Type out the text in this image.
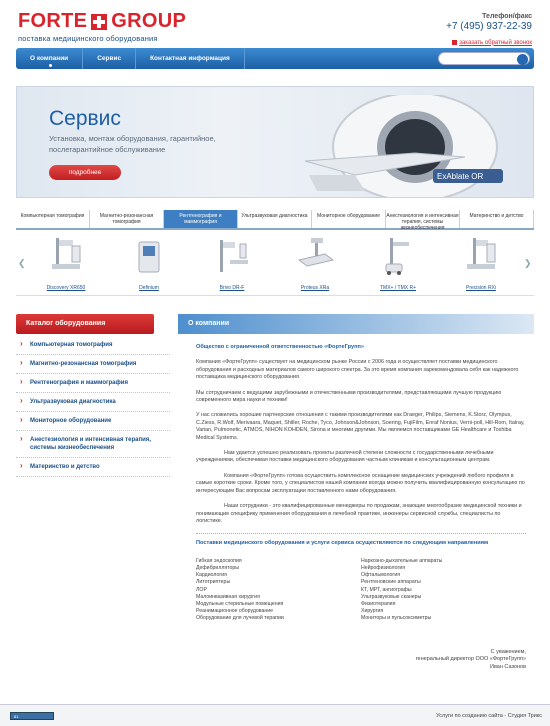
FORTE GROUP
поставка медицинского оборудования
Телефон/факс
+7 (495) 937-22-39
заказать обратный звонок
О компании	Сервис	Контактная информация
Сервис
Установка, монтаж оборудования, гарантийное, послегарантийное обслуживание
подробнее	ExAblate OR
Компьютерная томография	Магнитно-резонансная томография
Рентгенография и маммография
Ультразвуковая диагностика	Мониторное оборудование	Анестезиология и интенсивная терапия, системы жизнеобеспечения
Материнство и детство
❮	❯
Discovery XR650	Definium	Brivo DR-F	Proteus XRa	TMX+ / TMX R+	Precision RXi
Каталог оборудования
› Компьютерная томография
› Магнитно-резонансная томография
› Рентгенография и маммография
› Ультразвуковая диагностика
› Мониторное оборудование
› Анестезиология и интенсивная терапия, системы жизнеобеспечения
› Материнство и детство
О компании
Общество с ограниченной ответственностью «ФортеГрупп»
Компания «ФортеГрупп» существует на медицинском рынке России с 2006 года и осуществляет поставки медицинского оборудования и расходных материалов самого широкого спектра. За это время компания зарекомендовала себя как надежного поставщика медицинского оборудования.
Мы сотрудничаем с ведущими зарубежными и отечественными производителями, представляющими лучшую продукцию современного мира науки и техники!
У нас сложились хорошие партнерские отношения с такими производителями как Draeger, Philips, Siemens, K.Storz, Olympus, C.Ziess, R.Wolf, Merivaara, Maquet, Shiller, Roche, Tyco, Johnson&Johnson, Soering, FujiFilm, Enraf Nonius, Verni-poll, Hill-Rom, Italray, Varian, Pulmonetic, ATMOS, NIHON KOHDEN, Sirona и многими другими. Мы являемся поставщиками GE Healthcare и Toshiba Medical Systems.
Нам удается успешно реализовать проекты различной степени сложности с государственными лечебными учреждениями, обеспечивая поставки медицинского оборудования частным клиникам и консультационным центрам.
Компания «ФортеГрупп» готова осуществить комплексное оснащение медицинских учреждений любого профиля в самые короткие сроки. Кроме того, у специалистов нашей компании всегда можно получить квалифицированную консультацию по интересующим Вас вопросам эксплуатации поставленного нами оборудования.
Наши сотрудники - это квалифицированные менеджеры по продажам, знающие многообразие медицинской техники и понимающие специфику применения оборудования в лечебной практике, инженеры сервисной службы, специалисты по логистике.
Поставки медицинского оборудования и услуги сервиса осуществляются по следующим направлениям
Гибкая эндоскопия
Дефибрилляторы
Кардиология
Литотриптеры
ЛОР
Малоинвазивная хирургия
Модульные стерильные помещения
Реанимационное оборудование
Оборудование для лучевой терапии
Наркозно-дыхательные аппараты
Нейрофизиология
Офтальмология
Рентгеновские аппараты
КТ, МРТ, ангиографы
Ультразвуковые сканеры
Физиотерапия
Хирургия
Мониторы и пульсоксиметры
С уважением,
генеральный директор ООО «ФортеГрупп»
Иван Сазонов
81	Услуги по созданию сайта - Студия Трикс
